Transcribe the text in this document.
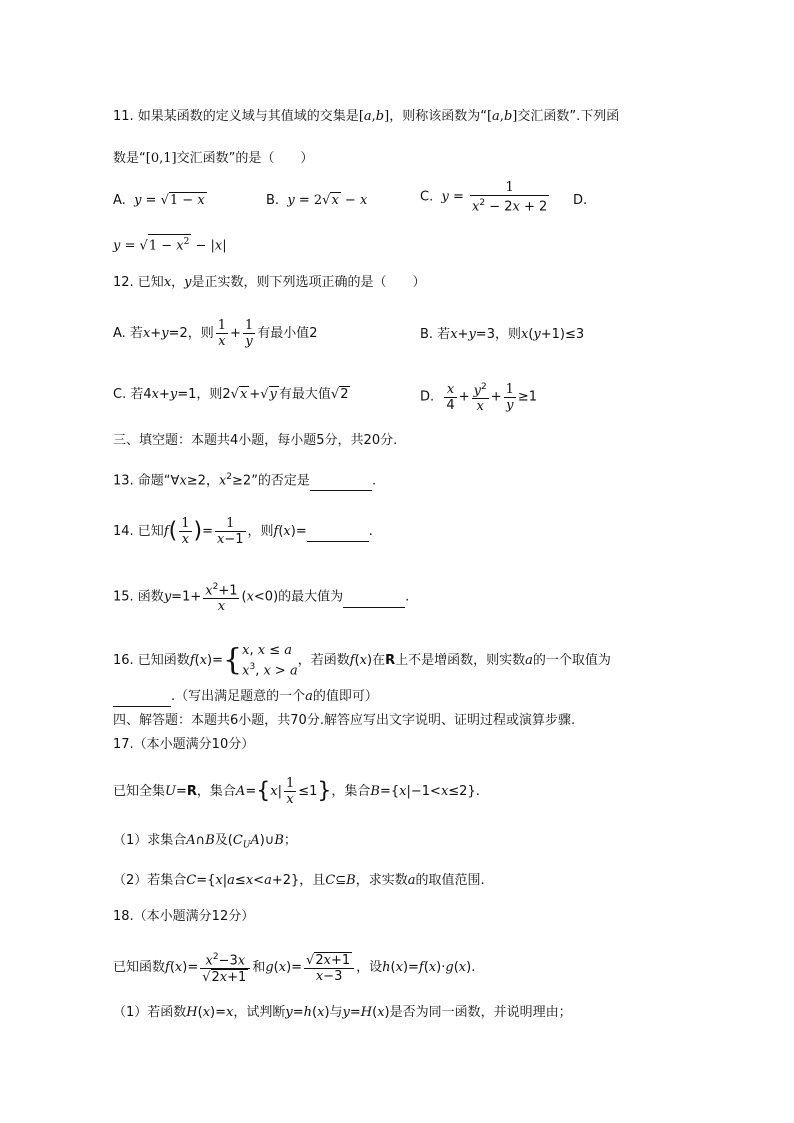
11. 如果某函数的定义域与其值域的交集是[a,b]，则称该函数为“[a,b]交汇函数”.下列函
数是“[0,1]交汇函数”的是（　　）
A.  y = √1 − x	B.  y = 2√x − x	C.  $y = \frac{1}{x^2 - 2x + 2} D$.
$y = √1 - x^2 - |x|$
12. 已知x，y是正实数，则下列选项正确的是（　　）
A. 若x+y=2，则 $\frac{1}{x} + \frac{1}{y}$ 有最小值2	B. 若x+y=3，则x(y+1)≤3
C. 若4x+y=1，则2√x +√y 有最大值√2	D. $\frac{x}{4} + \frac{y^2}{x} + \frac{1}{y} \ge 1$
三、填空题：本题共4小题，每小题5分，共20分.
13. 命题“∀x≥2，$x^2\ge 2$”的否定是	.
14. 已知$f( \frac{1}{x}$ )= $\frac{1}{x-1}$ ，则f(x)=	.
15. 函数$y=1+ \frac{x^2+1}{x} (x<0)$的最大值为	.
16. 已知函数f(x)={ x, x ≤ a
$x^3$, x > a
，若函数f(x)在R上不是增函数，则实数a的一个取值为
.（写出满足题意的一个a的值即可）
四、解答题：本题共6小题，共70分.解答应写出文字说明、证明过程或演算步骤.
17.（本小题满分10分）
已知全集U=R，集合$A=\{x| \frac{1}{x} \le 1\}$，集合B={x|−1<x≤2}.
（1）求集合A∩B及$(C_UA)\cup B$；
（2）若集合C={x|a≤x<a+2}，且C⊆B，求实数a的取值范围.
18.（本小题满分12分）
已知函数$f(x)= \frac{x^2-3x}{√2x+1}$ 和$g(x)= \frac{√2x+1}{x-3}$ ，设h(x)=f(x)·g(x).
（1）若函数H(x)=x，试判断y=h(x)与y=H(x)是否为同一函数，并说明理由；
